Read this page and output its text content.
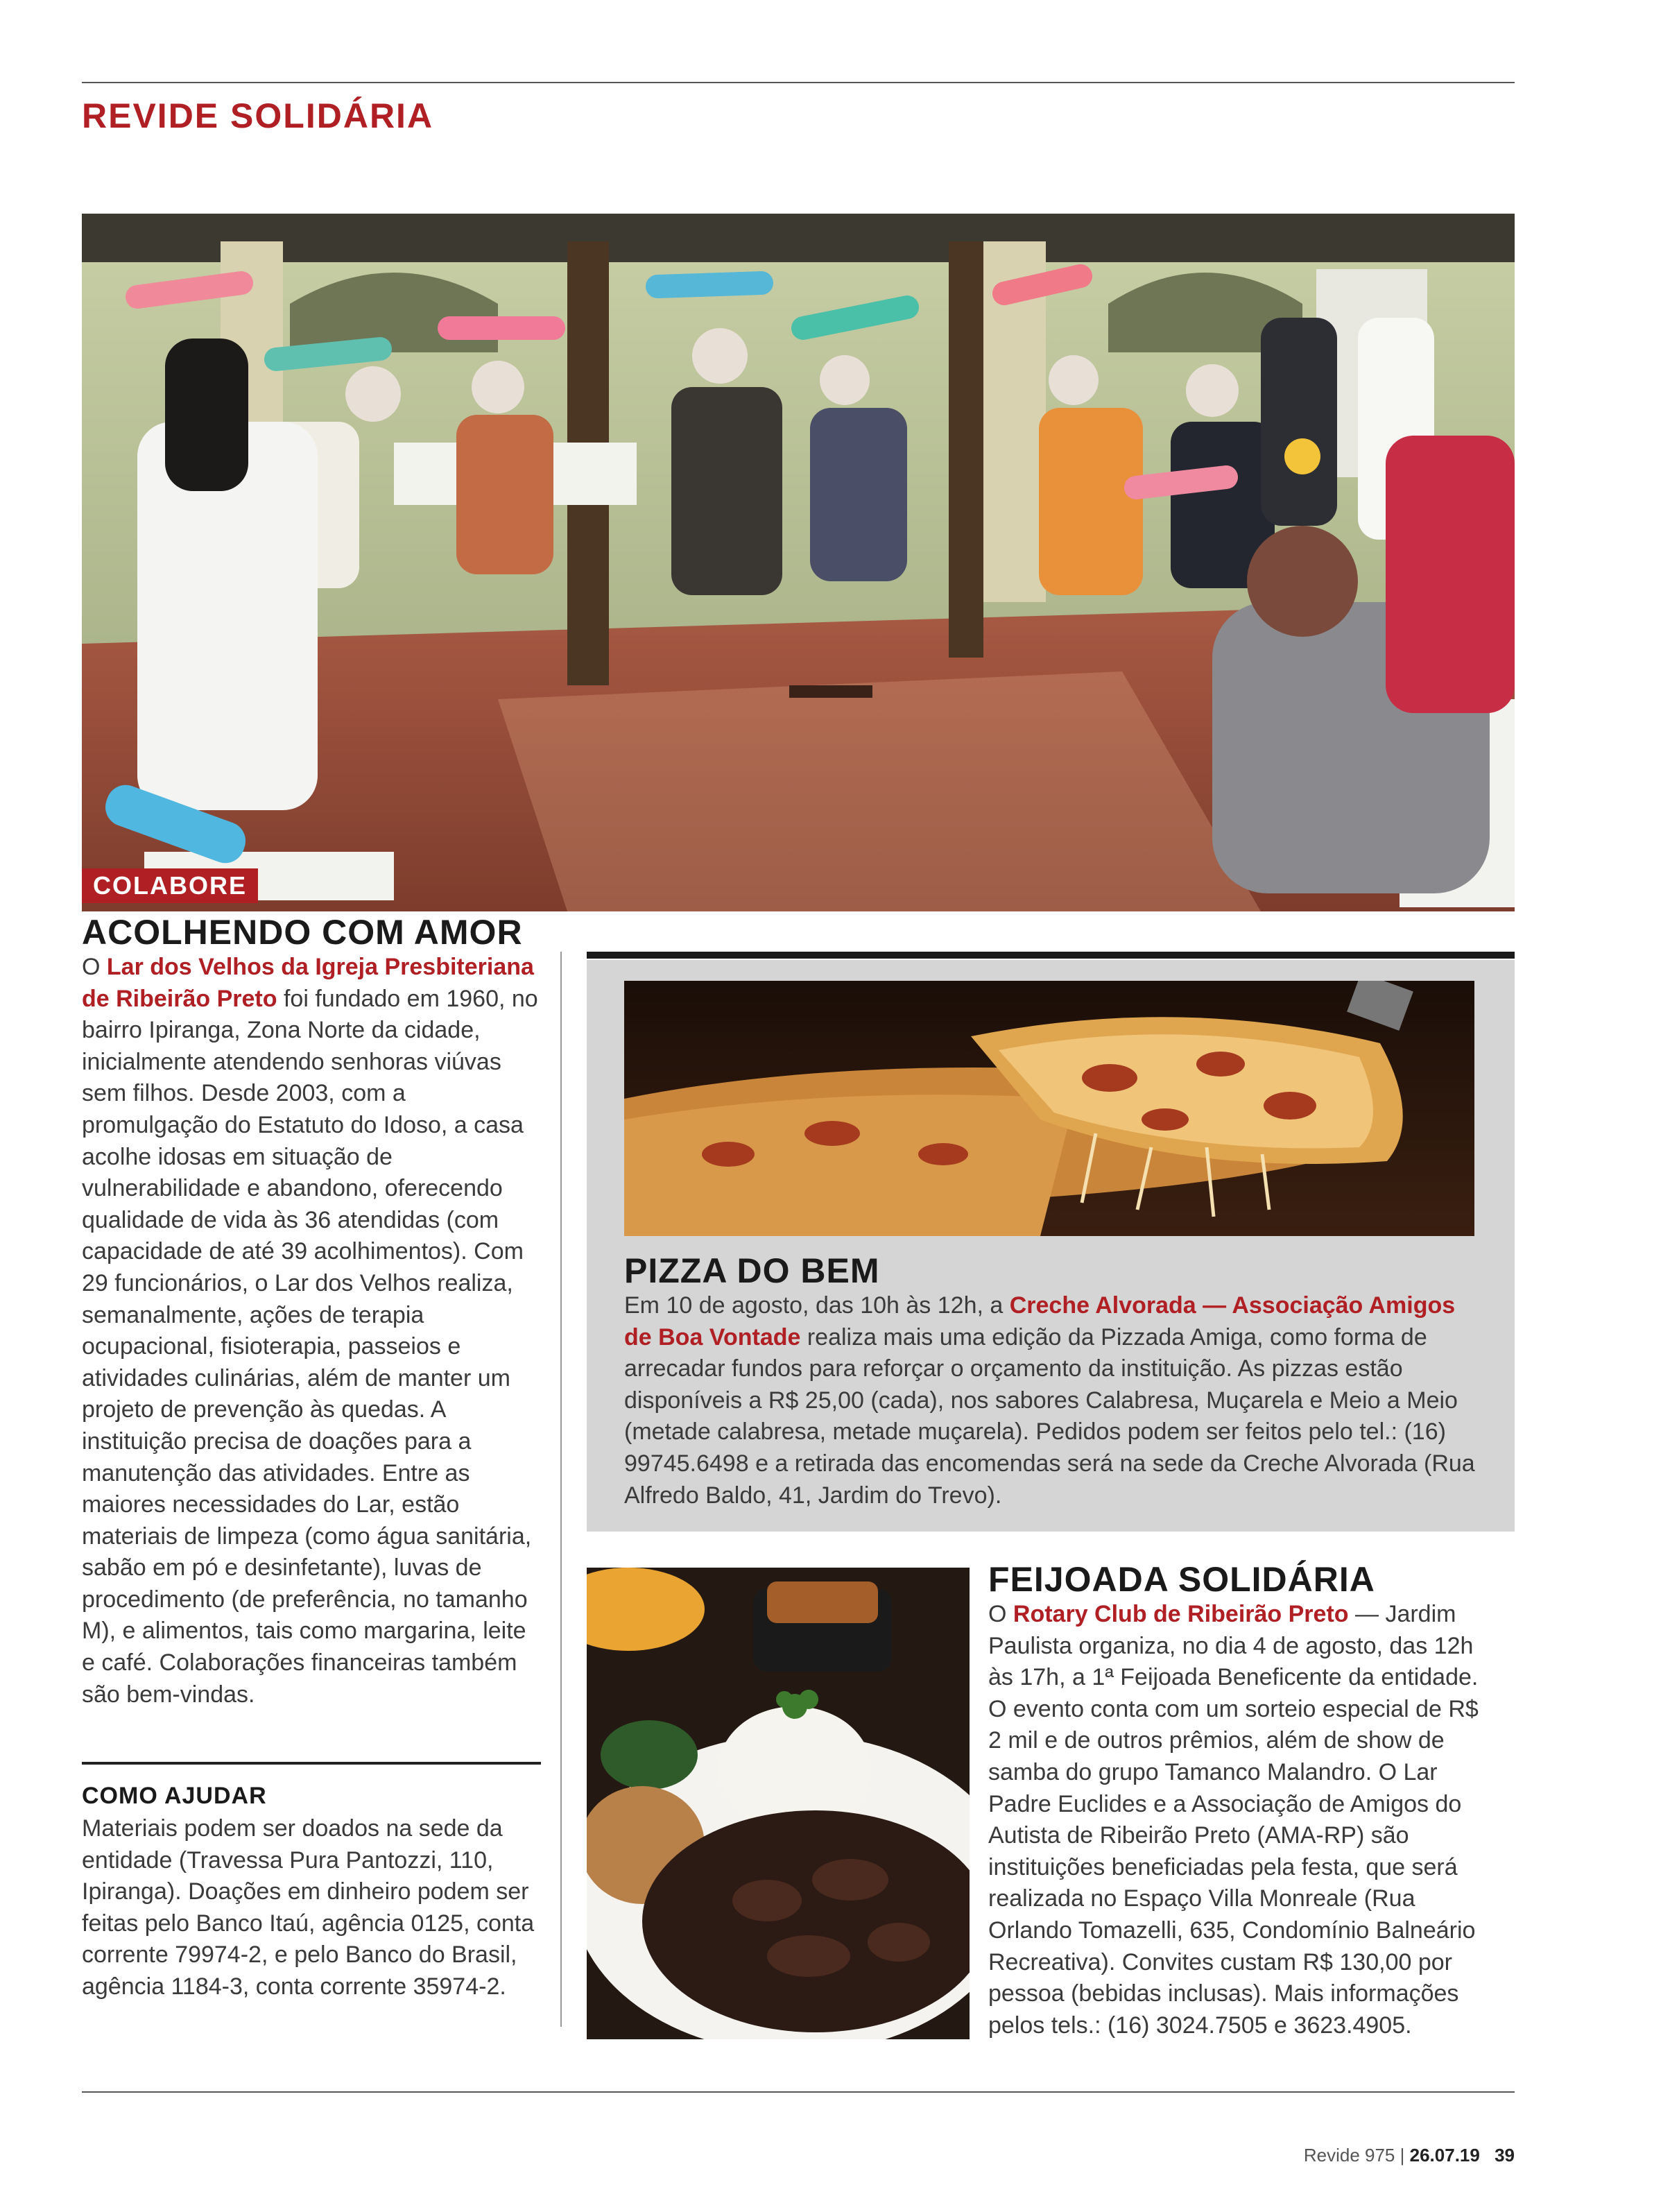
REVIDE SOLIDÁRIA
COLABORE
ACOLHENDO COM AMOR

O Lar dos Velhos da Igreja Presbiteriana de Ribeirão Preto foi fundado em 1960, no bairro Ipiranga, Zona Norte da cidade, inicialmente atendendo senhoras viúvas sem filhos. Desde 2003, com a promulgação do Estatuto do Idoso, a casa acolhe idosas em situação de vulnerabilidade e abandono, oferecendo qualidade de vida às 36 atendidas (com capacidade de até 39 acolhimentos). Com 29 funcionários, o Lar dos Velhos realiza, semanalmente, ações de terapia ocupacional, fisioterapia, passeios e atividades culinárias, além de manter um projeto de prevenção às quedas. A instituição precisa de doações para a manutenção das atividades. Entre as maiores necessidades do Lar, estão materiais de limpeza (como água sanitária, sabão em pó e desinfetante), luvas de procedimento (de preferência, no tamanho M), e alimentos, tais como margarina, leite e café. Colaborações financeiras também são bem-vindas.

COMO AJUDAR

Materiais podem ser doados na sede da entidade (Travessa Pura Pantozzi, 110, Ipiranga). Doações em dinheiro podem ser feitas pelo Banco Itaú, agência 0125, conta corrente 79974-2, e pelo Banco do Brasil, agência 1184-3, conta corrente 35974-2.

PIZZA DO BEM

Em 10 de agosto, das 10h às 12h, a Creche Alvorada — Associação Amigos de Boa Vontade realiza mais uma edição da Pizzada Amiga, como forma de arrecadar fundos para reforçar o orçamento da instituição. As pizzas estão disponíveis a R$ 25,00 (cada), nos sabores Calabresa, Muçarela e Meio a Meio (metade calabresa, metade muçarela). Pedidos podem ser feitos pelo tel.: (16) 99745.6498 e a retirada das encomendas será na sede da Creche Alvorada (Rua Alfredo Baldo, 41, Jardim do Trevo).

FEIJOADA SOLIDÁRIA

O Rotary Club de Ribeirão Preto — Jardim Paulista organiza, no dia 4 de agosto, das 12h às 17h, a 1ª Feijoada Beneficente da entidade. O evento conta com um sorteio especial de R$ 2 mil e de outros prêmios, além de show de samba do grupo Tamanco Malandro. O Lar Padre Euclides e a Associação de Amigos do Autista de Ribeirão Preto (AMA-RP) são instituições beneficiadas pela festa, que será realizada no Espaço Villa Monreale (Rua Orlando Tomazelli, 635, Condomínio Balneário Recreativa). Convites custam R$ 130,00 por pessoa (bebidas inclusas). Mais informações pelos tels.: (16) 3024.7505 e 3623.4905.

Revide 975 | 26.07.19 39
